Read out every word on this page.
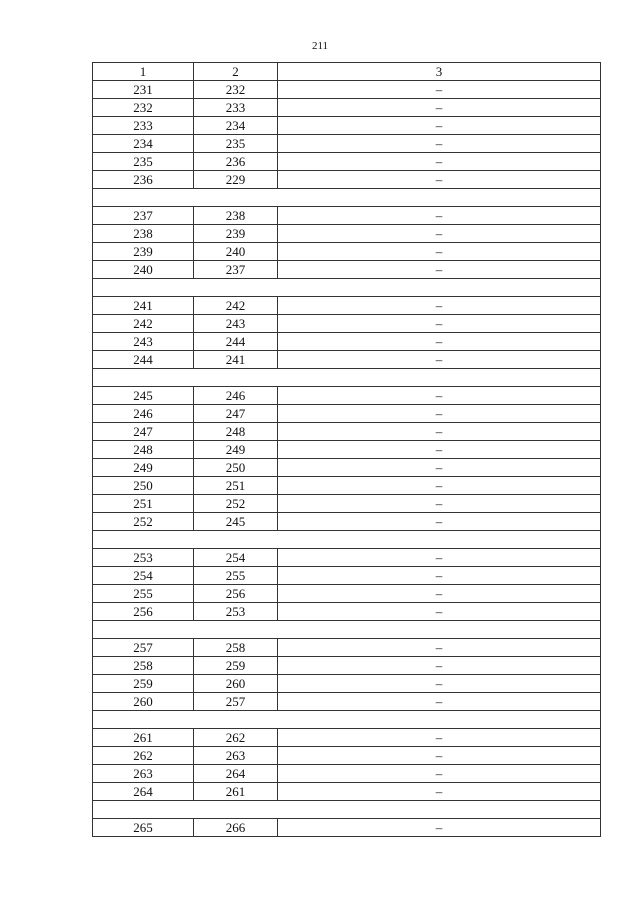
211
1	2	3
231	232	–
232	233	–
233	234	–
234	235	–
235	236	–
236	229	–

237	238	–
238	239	–
239	240	–
240	237	–

241	242	–
242	243	–
243	244	–
244	241	–

245	246	–
246	247	–
247	248	–
248	249	–
249	250	–
250	251	–
251	252	–
252	245	–

253	254	–
254	255	–
255	256	–
256	253	–

257	258	–
258	259	–
259	260	–
260	257	–

261	262	–
262	263	–
263	264	–
264	261	–

265	266	–
